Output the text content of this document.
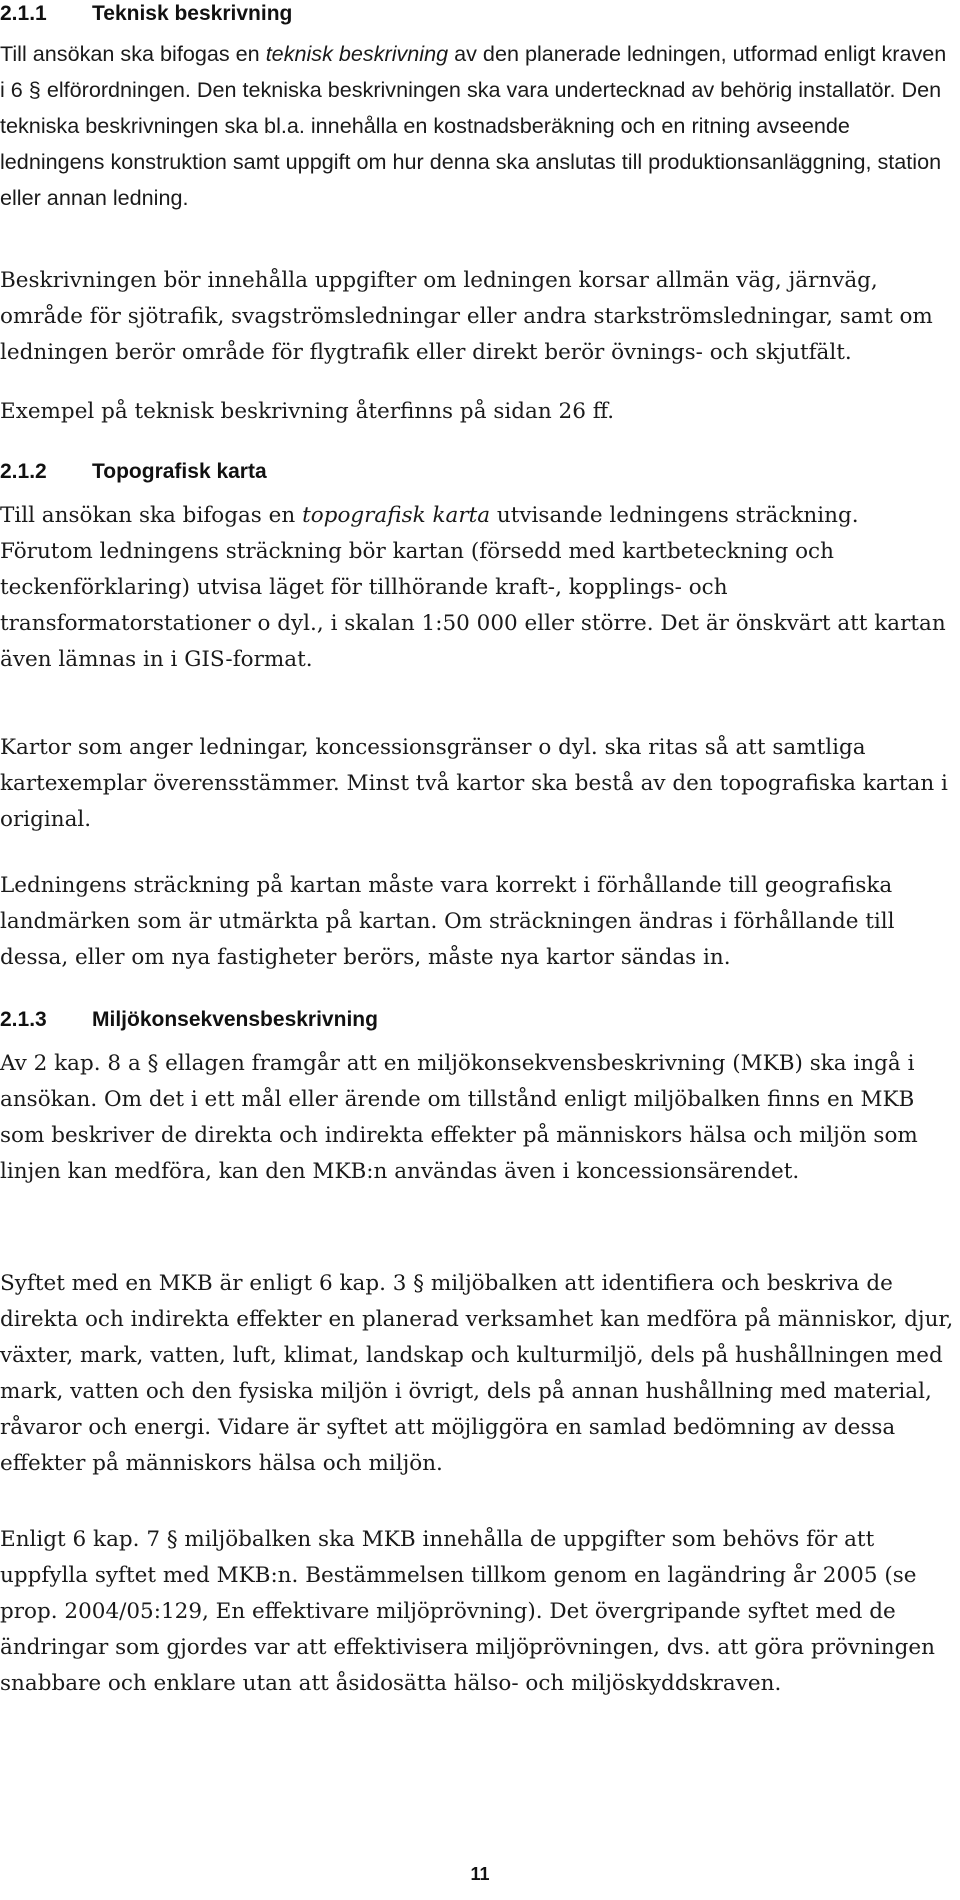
2.1.1 Teknisk beskrivning

Till ansökan ska bifogas en teknisk beskrivning av den planerade ledningen, utformad enligt kraven i 6 § elförordningen. Den tekniska beskrivningen ska vara undertecknad av behörig installatör. Den tekniska beskrivningen ska bl.a. innehålla en kostnadsberäkning och en ritning avseende ledningens konstruktion samt uppgift om hur denna ska anslutas till produktionsanläggning, station eller annan ledning.

Beskrivningen bör innehålla uppgifter om ledningen korsar allmän väg, järnväg, område för sjötrafik, svagströmsledningar eller andra starkströmsledningar, samt om ledningen berör område för flygtrafik eller direkt berör övnings- och skjutfält.

Exempel på teknisk beskrivning återfinns på sidan 26 ff.

2.1.2 Topografisk karta

Till ansökan ska bifogas en topografisk karta utvisande ledningens sträckning. Förutom ledningens sträckning bör kartan (försedd med kartbeteckning och teckenförklaring) utvisa läget för tillhörande kraft-, kopplings- och transformatorstationer o dyl., i skalan 1:50 000 eller större. Det är önskvärt att kartan även lämnas in i GIS-format.

Kartor som anger ledningar, koncessionsgränser o dyl. ska ritas så att samtliga kartexemplar överensstämmer. Minst två kartor ska bestå av den topografiska kartan i original.

Ledningens sträckning på kartan måste vara korrekt i förhållande till geografiska landmärken som är utmärkta på kartan. Om sträckningen ändras i förhållande till dessa, eller om nya fastigheter berörs, måste nya kartor sändas in.

2.1.3 Miljökonsekvensbeskrivning

Av 2 kap. 8 a § ellagen framgår att en miljökonsekvensbeskrivning (MKB) ska ingå i ansökan. Om det i ett mål eller ärende om tillstånd enligt miljöbalken finns en MKB som beskriver de direkta och indirekta effekter på människors hälsa och miljön som linjen kan medföra, kan den MKB:n användas även i koncessionsärendet.

Syftet med en MKB är enligt 6 kap. 3 § miljöbalken att identifiera och beskriva de direkta och indirekta effekter en planerad verksamhet kan medföra på människor, djur, växter, mark, vatten, luft, klimat, landskap och kulturmiljö, dels på hushållningen med mark, vatten och den fysiska miljön i övrigt, dels på annan hushållning med material, råvaror och energi. Vidare är syftet att möjliggöra en samlad bedömning av dessa effekter på människors hälsa och miljön.

Enligt 6 kap. 7 § miljöbalken ska MKB innehålla de uppgifter som behövs för att uppfylla syftet med MKB:n. Bestämmelsen tillkom genom en lagändring år 2005 (se prop. 2004/05:129, En effektivare miljöprövning). Det övergripande syftet med de ändringar som gjordes var att effektivisera miljöprövningen, dvs. att göra prövningen snabbare och enklare utan att åsidosätta hälso- och miljöskyddskraven.

11
